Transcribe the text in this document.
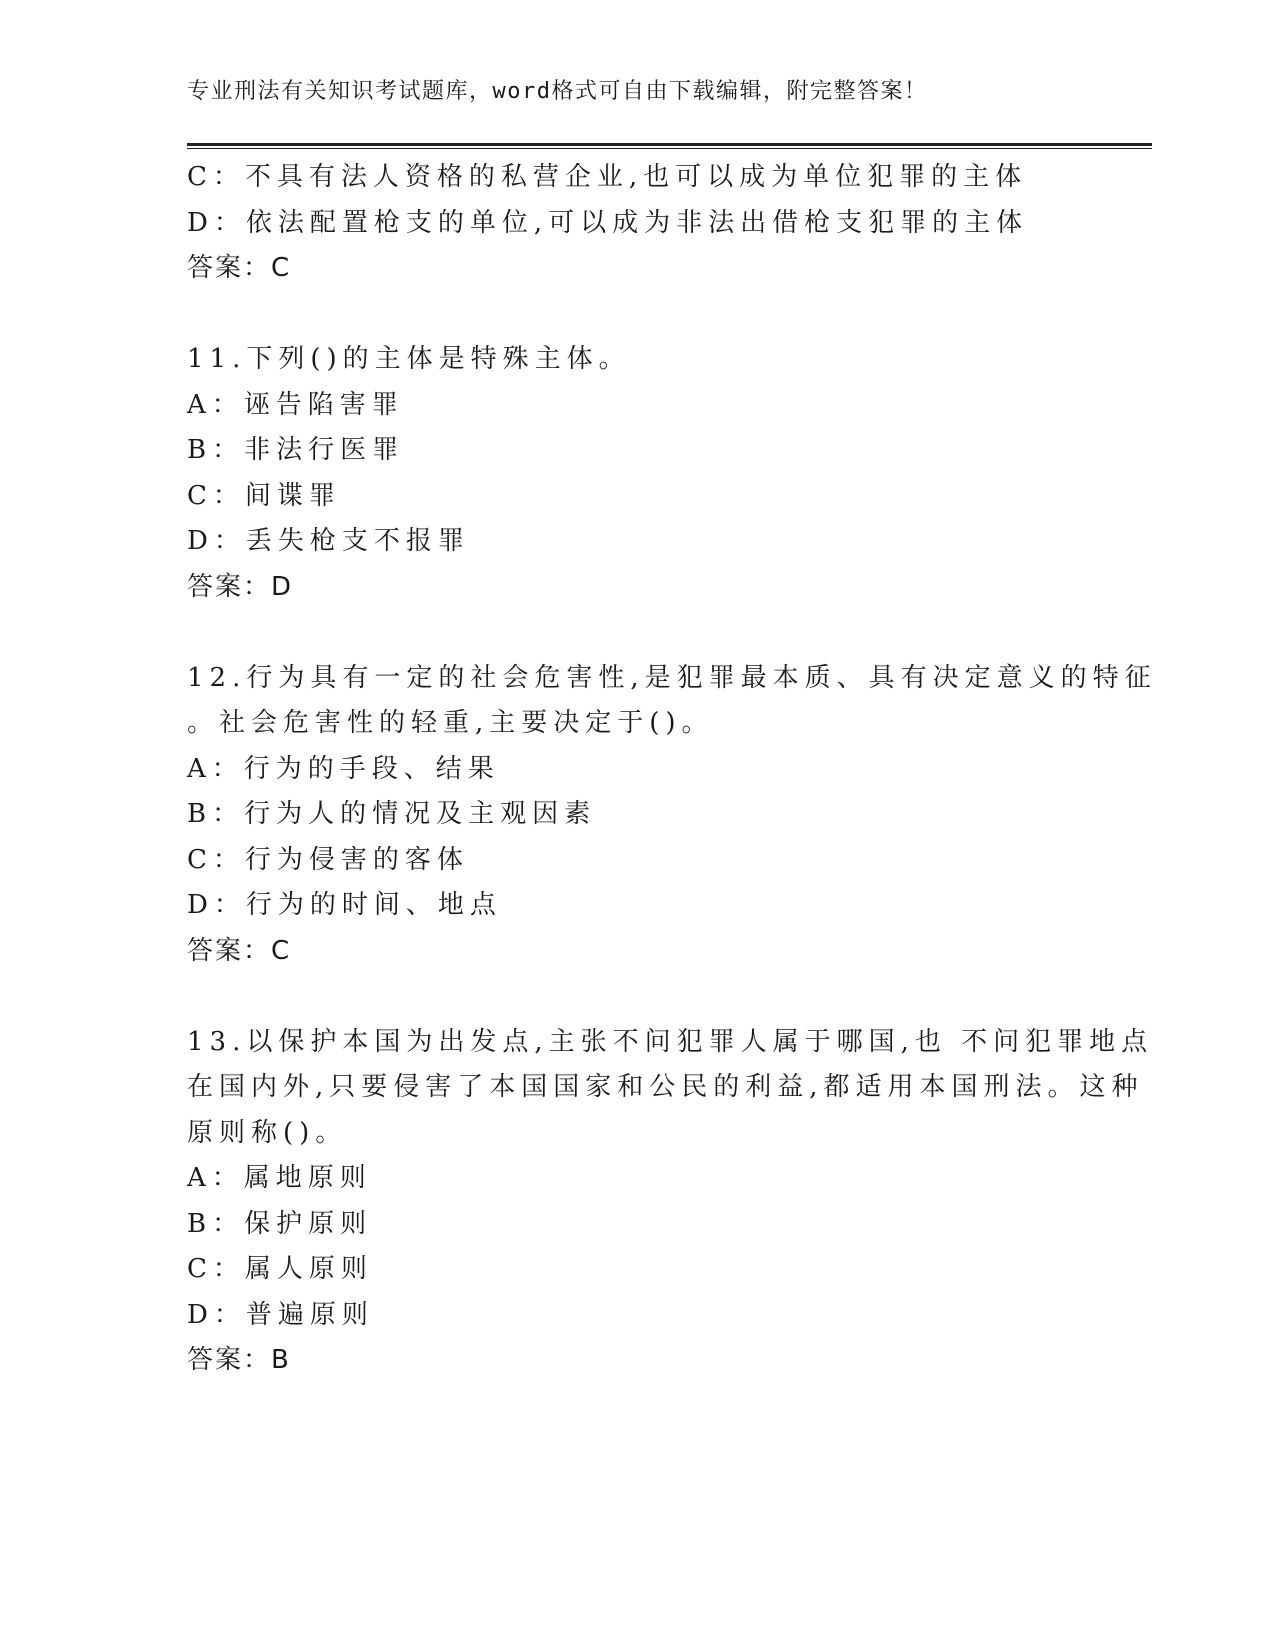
专业刑法有关知识考试题库，word格式可自由下载编辑，附完整答案！
C：不具有法人资格的私营企业,也可以成为单位犯罪的主体
D：依法配置枪支的单位,可以成为非法出借枪支犯罪的主体
答案：C
11.下列()的主体是特殊主体。
A：诬告陷害罪
B：非法行医罪
C：间谍罪
D：丢失枪支不报罪
答案：D
12.行为具有一定的社会危害性,是犯罪最本质、具有决定意义的特征
。社会危害性的轻重,主要决定于()。
A：行为的手段、结果
B：行为人的情况及主观因素
C：行为侵害的客体
D：行为的时间、地点
答案：C
13.以保护本国为出发点,主张不问犯罪人属于哪国,也 不问犯罪地点
在国内外,只要侵害了本国国家和公民的利益,都适用本国刑法。这种
原则称()。
A：属地原则
B：保护原则
C：属人原则
D：普遍原则
答案：B
